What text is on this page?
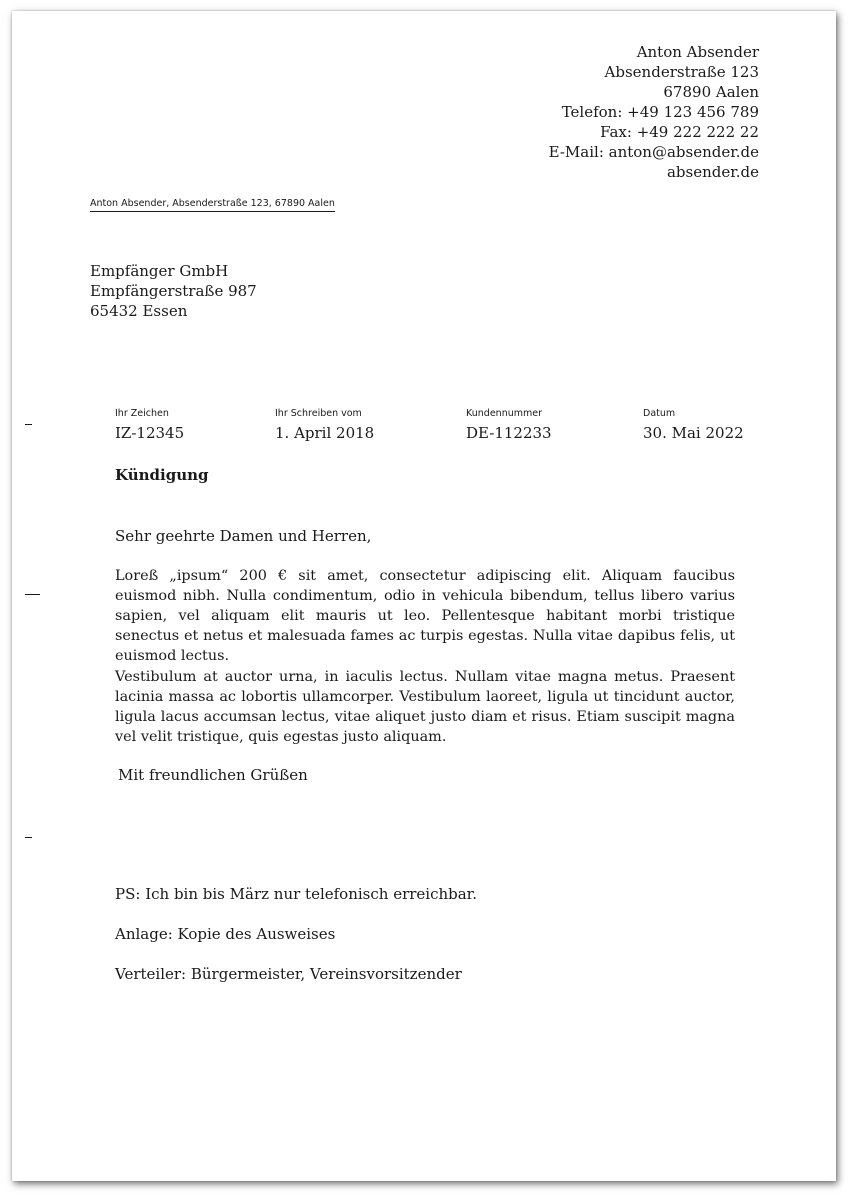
Anton Absender
Absenderstraße 123
67890 Aalen
Telefon: +49 123 456 789
Fax: +49 222 222 22
E-Mail: anton@absender.de
absender.de
Anton Absender, Absenderstraße 123, 67890 Aalen
Empfänger GmbH
Empfängerstraße 987
65432 Essen
Ihr Zeichen
IZ-12345
Ihr Schreiben vom
1. April 2018
Kundennummer
DE-112233
Datum
30. Mai 2022
Kündigung
Sehr geehrte Damen und Herren,

Loreß „ipsum“ 200 € sit amet, consectetur adipiscing elit. Aliquam faucibus euismod nibh. Nulla condimentum, odio in vehicula bibendum, tellus libero varius sapien, vel aliquam elit mauris ut leo. Pellentesque habitant morbi tristique senectus et netus et malesuada fames ac turpis egestas. Nulla vitae dapibus felis, ut euismod lectus.

Vestibulum at auctor urna, in iaculis lectus. Nullam vitae magna metus. Praesent lacinia massa ac lobortis ullamcorper. Vestibulum laoreet, ligula ut tincidunt auctor, ligula lacus accumsan lectus, vitae aliquet justo diam et risus. Etiam suscipit magna vel velit tristique, quis egestas justo aliquam.

Mit freundlichen Grüßen
PS: Ich bin bis März nur telefonisch erreichbar.
Anlage: Kopie des Ausweises
Verteiler: Bürgermeister, Vereinsvorsitzender
